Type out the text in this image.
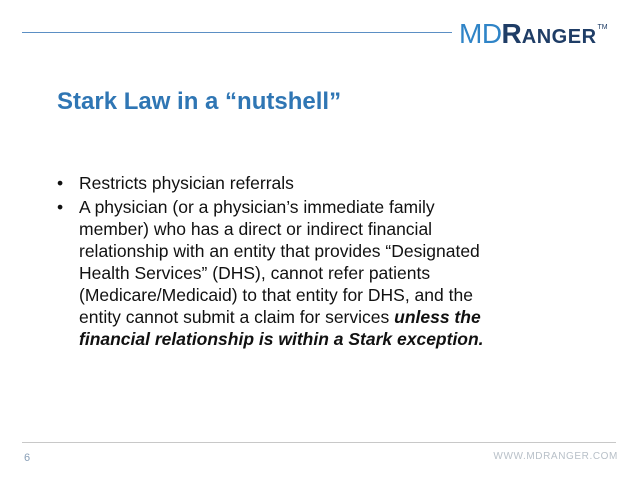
MD R ANGER TM
Stark Law in a “nutshell”
• Restricts physician referrals
• A physician (or a physician’s immediate family
member) who has a direct or indirect financial
relationship with an entity that provides “Designated
Health Services” (DHS), cannot refer patients
(Medicare/Medicaid) to that entity for DHS, and the
entity cannot submit a claim for services unless the
financial relationship is within a Stark exception.
6	WWW.MDRANGER.COM
